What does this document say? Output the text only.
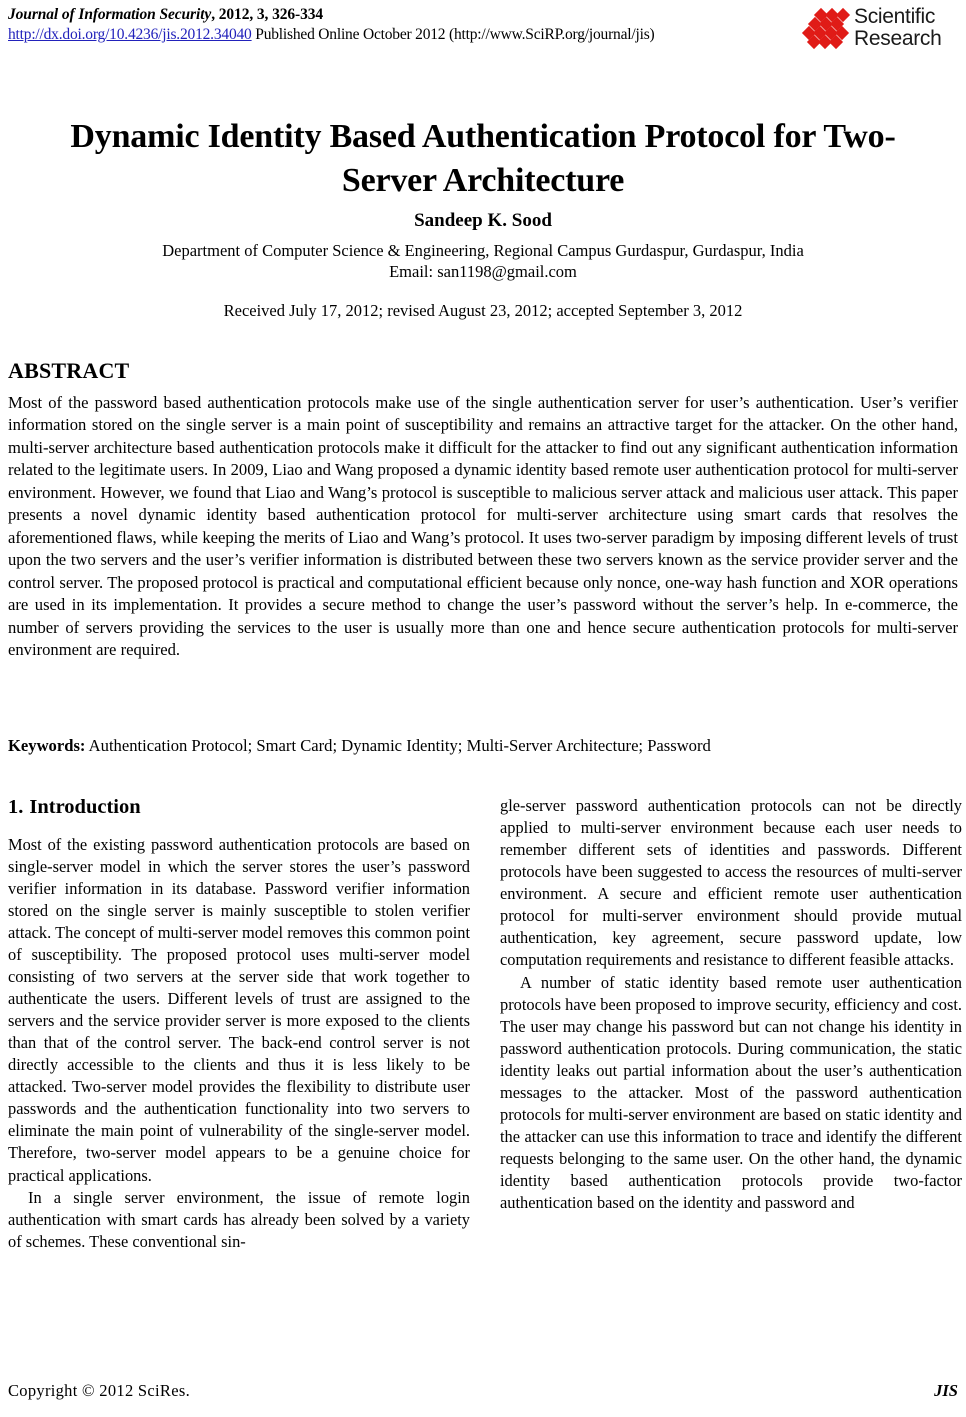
Journal of Information Security, 2012, 3, 326-334
http://dx.doi.org/10.4236/jis.2012.34040 Published Online October 2012 (http://www.SciRP.org/journal/jis)
Scientific
Research
Dynamic Identity Based Authentication Protocol for Two-Server Architecture
Sandeep K. Sood
Department of Computer Science & Engineering, Regional Campus Gurdaspur, Gurdaspur, India
Email: san1198@gmail.com
Received July 17, 2012; revised August 23, 2012; accepted September 3, 2012
ABSTRACT
Most of the password based authentication protocols make use of the single authentication server for user’s authentication. User’s verifier information stored on the single server is a main point of susceptibility and remains an attractive target for the attacker. On the other hand, multi-server architecture based authentication protocols make it difficult for the attacker to find out any significant authentication information related to the legitimate users. In 2009, Liao and Wang proposed a dynamic identity based remote user authentication protocol for multi-server environment. However, we found that Liao and Wang’s protocol is susceptible to malicious server attack and malicious user attack. This paper presents a novel dynamic identity based authentication protocol for multi-server architecture using smart cards that resolves the aforementioned flaws, while keeping the merits of Liao and Wang’s protocol. It uses two-server paradigm by imposing different levels of trust upon the two servers and the user’s verifier information is distributed between these two servers known as the service provider server and the control server. The proposed protocol is practical and computational efficient because only nonce, one-way hash function and XOR operations are used in its implementation. It provides a secure method to change the user’s password without the server’s help. In e-commerce, the number of servers providing the services to the user is usually more than one and hence secure authentication protocols for multi-server environment are required.
Keywords: Authentication Protocol; Smart Card; Dynamic Identity; Multi-Server Architecture; Password
1. Introduction

Most of the existing password authentication protocols are based on single-server model in which the server stores the user’s password verifier information in its database. Password verifier information stored on the single server is mainly susceptible to stolen verifier attack. The concept of multi-server model removes this common point of susceptibility. The proposed protocol uses multi-server model consisting of two servers at the server side that work together to authenticate the users. Different levels of trust are assigned to the servers and the service provider server is more exposed to the clients than that of the control server. The back-end control server is not directly accessible to the clients and thus it is less likely to be attacked. Two-server model provides the flexibility to distribute user passwords and the authentication functionality into two servers to eliminate the main point of vulnerability of the single-server model. Therefore, two-server model appears to be a genuine choice for practical applications.

In a single server environment, the issue of remote login authentication with smart cards has already been solved by a variety of schemes. These conventional sin-

gle-server password authentication protocols can not be directly applied to multi-server environment because each user needs to remember different sets of identities and passwords. Different protocols have been suggested to access the resources of multi-server environment. A secure and efficient remote user authentication protocol for multi-server environment should provide mutual authentication, key agreement, secure password update, low computation requirements and resistance to different feasible attacks.

A number of static identity based remote user authentication protocols have been proposed to improve security, efficiency and cost. The user may change his password but can not change his identity in password authentication protocols. During communication, the static identity leaks out partial information about the user’s authentication messages to the attacker. Most of the password authentication protocols for multi-server environment are based on static identity and the attacker can use this information to trace and identify the different requests belonging to the same user. On the other hand, the dynamic identity based authentication protocols provide two-factor authentication based on the identity and password and

Copyright © 2012 SciRes.	JIS
